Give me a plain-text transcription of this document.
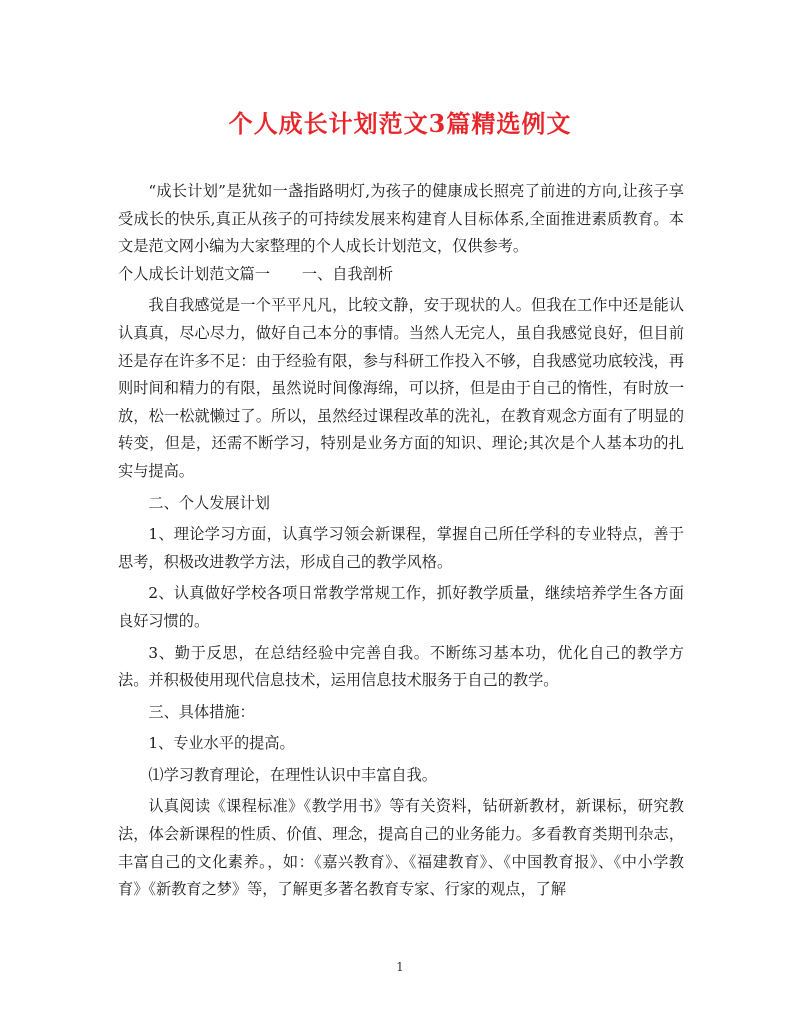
个人成长计划范文3篇精选例文

“成长计划”是犹如一盏指路明灯,为孩子的健康成长照亮了前进的方向,让孩子享受成长的快乐,真正从孩子的可持续发展来构建育人目标体系,全面推进素质教育。本文是范文网小编为大家整理的个人成长计划范文，仅供参考。

个人成长计划范文篇一 一、自我剖析

我自我感觉是一个平平凡凡，比较文静，安于现状的人。但我在工作中还是能认认真真，尽心尽力，做好自己本分的事情。当然人无完人，虽自我感觉良好，但目前还是存在许多不足：由于经验有限，参与科研工作投入不够，自我感觉功底较浅，再则时间和精力的有限，虽然说时间像海绵，可以挤，但是由于自己的惰性，有时放一放，松一松就懒过了。所以，虽然经过课程改革的洗礼，在教育观念方面有了明显的转变，但是，还需不断学习，特别是业务方面的知识、理论;其次是个人基本功的扎实与提高。

二、个人发展计划

1、理论学习方面，认真学习领会新课程，掌握自己所任学科的专业特点，善于思考，积极改进教学方法，形成自己的教学风格。

2、认真做好学校各项日常教学常规工作，抓好教学质量，继续培养学生各方面良好习惯的。

3、勤于反思，在总结经验中完善自我。不断练习基本功，优化自己的教学方法。并积极使用现代信息技术，运用信息技术服务于自己的教学。

三、具体措施：

1、专业水平的提高。

⑴学习教育理论，在理性认识中丰富自我。

认真阅读《课程标准》《教学用书》等有关资料，钻研新教材，新课标，研究教法，体会新课程的性质、价值、理念，提高自己的业务能力。多看教育类期刊杂志，丰富自己的文化素养。，如：《嘉兴教育》、《福建教育》、《中国教育报》、《中小学教育》《新教育之梦》等，了解更多著名教育专家、行家的观点，了解

1
